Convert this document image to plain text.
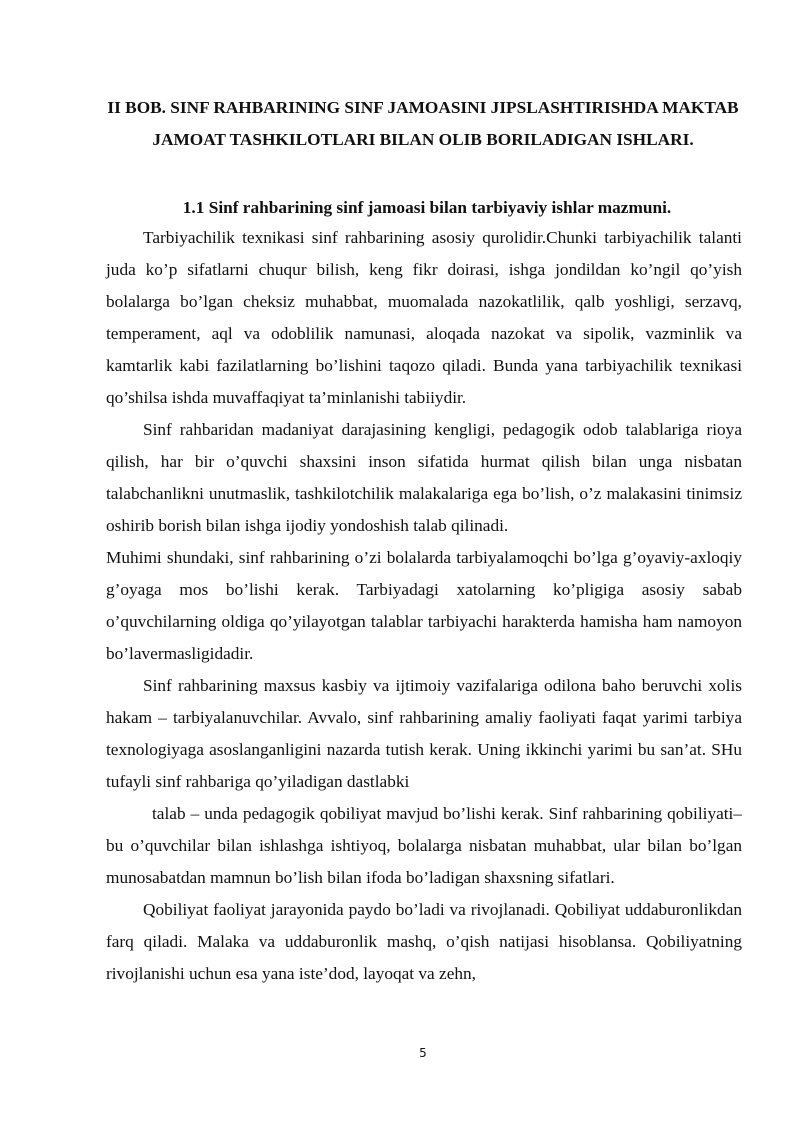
II BOB. SINF RAHBARINING SINF JAMOASINI JIPSLASHTIRISHDA MAKTAB JAMOAT TASHKILOTLARI BILAN OLIB BORILADIGAN ISHLARI.
1.1 Sinf rahbarining sinf jamoasi bilan tarbiyaviy ishlar mazmuni.

Tarbiyachilik texnikasi sinf rahbarining asosiy qurolidir.Chunki tarbiyachilik talanti juda ko’p sifatlarni chuqur bilish, keng fikr doirasi, ishga jondildan ko’ngil qo’yish bolalarga bo’lgan cheksiz muhabbat, muomalada nazokatlilik, qalb yoshligi, serzavq, temperament, aql va odoblilik namunasi, aloqada nazokat va sipolik, vazminlik va kamtarlik kabi fazilatlarning bo’lishini taqozo qiladi. Bunda yana tarbiyachilik texnikasi qo’shilsa ishda muvaffaqiyat ta’minlanishi tabiiydir.

Sinf rahbaridan madaniyat darajasining kengligi, pedagogik odob talablariga rioya qilish, har bir o’quvchi shaxsini inson sifatida hurmat qilish bilan unga nisbatan talabchanlikni unutmaslik, tashkilotchilik malakalariga ega bo’lish, o’z malakasini tinimsiz oshirib borish bilan ishga ijodiy yondoshish talab qilinadi.

Muhimi shundaki, sinf rahbarining o’zi bolalarda tarbiyalamoqchi bo’lga g’oyaviy-axloqiy g’oyaga mos bo’lishi kerak. Tarbiyadagi xatolarning ko’pligiga asosiy sabab o’quvchilarning oldiga qo’yilayotgan talablar tarbiyachi harakterda hamisha ham namoyon bo’lavermasligidadir.

Sinf rahbarining maxsus kasbiy va ijtimoiy vazifalariga odilona baho beruvchi xolis hakam – tarbiyalanuvchilar. Avvalo, sinf rahbarining amaliy faoliyati faqat yarimi tarbiya texnologiyaga asoslanganligini nazarda tutish kerak. Uning ikkinchi yarimi bu san’at. SHu tufayli sinf rahbariga qo’yiladigan dastlabki

talab – unda pedagogik qobiliyat mavjud bo’lishi kerak. Sinf rahbarining qobiliyati– bu o’quvchilar bilan ishlashga ishtiyoq, bolalarga nisbatan muhabbat, ular bilan bo’lgan munosabatdan mamnun bo’lish bilan ifoda bo’ladigan shaxsning sifatlari.

Qobiliyat faoliyat jarayonida paydo bo’ladi va rivojlanadi. Qobiliyat uddaburonlikdan farq qiladi. Malaka va uddaburonlik mashq, o’qish natijasi hisoblansa. Qobiliyatning rivojlanishi uchun esa yana iste’dod, layoqat va zehn,

5
